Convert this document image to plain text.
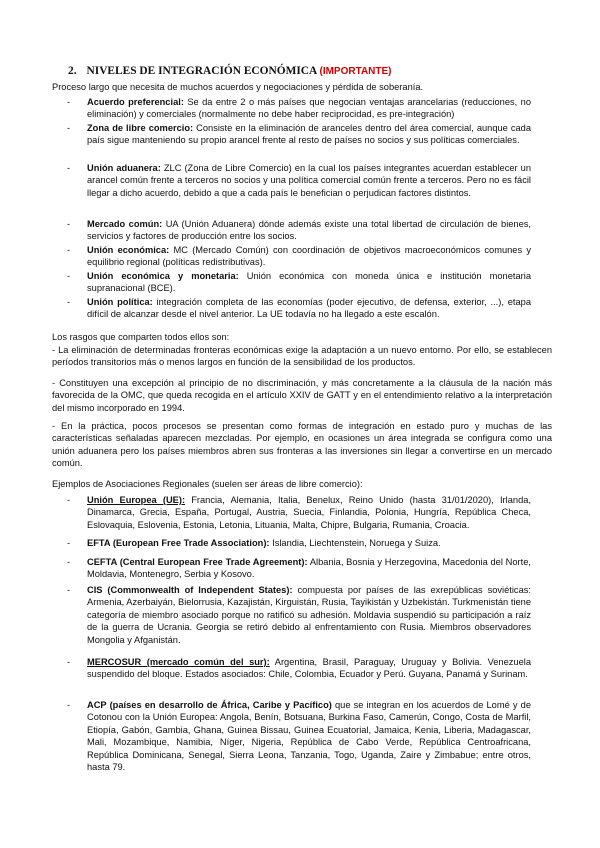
2. NIVELES DE INTEGRACIÓN ECONÓMICA (IMPORTANTE)
Proceso largo que necesita de muchos acuerdos y negociaciones y pérdida de soberanía.
- Acuerdo preferencial: Se da entre 2 o más países que negocian ventajas arancelarias (reducciones, no eliminación) y comerciales (normalmente no debe haber reciprocidad, es pre-integración)
- Zona de libre comercio: Consiste en la eliminación de aranceles dentro del área comercial, aunque cada país sigue manteniendo su propio arancel frente al resto de países no socios y sus políticas comerciales.
- Unión aduanera: ZLC (Zona de Libre Comercio) en la cual los países integrantes acuerdan establecer un arancel común frente a terceros no socios y una política comercial común frente a terceros. Pero no es fácil llegar a dicho acuerdo, debido a que a cada país le benefician o perjudican factores distintos.
- Mercado común: UA (Unión Aduanera) dónde además existe una total libertad de circulación de bienes, servicios y factores de producción entre los socios.
- Unión económica: MC (Mercado Común) con coordinación de objetivos macroeconómicos comunes y equilibrio regional (políticas redistributivas).
- Unión económica y monetaria: Unión económica con moneda única e institución monetaria supranacional (BCE).
- Unión política: integración completa de las economías (poder ejecutivo, de defensa, exterior, ...), etapa difícil de alcanzar desde el nivel anterior. La UE todavía no ha llegado a este escalón.
Los rasgos que comparten todos ellos son:
- La eliminación de determinadas fronteras económicas exige la adaptación a un nuevo entorno. Por ello, se establecen períodos transitorios más o menos largos en función de la sensibilidad de los productos.
- Constituyen una excepción al principio de no discriminación, y más concretamente a la cláusula de la nación más favorecida de la OMC, que queda recogida en el artículo XXIV de GATT y en el entendimiento relativo a la interpretación del mismo incorporado en 1994.
- En la práctica, pocos procesos se presentan como formas de integración en estado puro y muchas de las características señaladas aparecen mezcladas. Por ejemplo, en ocasiones un área integrada se configura como una unión aduanera pero los países miembros abren sus fronteras a las inversiones sin llegar a convertirse en un mercado común.
Ejemplos de Asociaciones Regionales (suelen ser áreas de libre comercio):
- Unión Europea (UE): Francia, Alemania, Italia, Benelux, Reino Unido (hasta 31/01/2020), Irlanda, Dinamarca, Grecia, España, Portugal, Austria, Suecia, Finlandia, Polonia, Hungría, República Checa, Eslovaquia, Eslovenia, Estonia, Letonia, Lituania, Malta, Chipre, Bulgaria, Rumania, Croacia.
- EFTA (European Free Trade Association): Islandia, Liechtenstein, Noruega y Suiza.
- CEFTA (Central European Free Trade Agreement): Albania, Bosnia y Herzegovina, Macedonia del Norte, Moldavia, Montenegro, Serbia y Kosovo.
- CIS (Commonwealth of Independent States): compuesta por países de las exrepúblicas soviéticas: Armenia, Azerbaiyán, Bielorrusia, Kazajistán, Kirguistán, Rusia, Tayikistán y Uzbekistán. Turkmenistán tiene categoría de miembro asociado porque no ratificó su adhesión. Moldavia suspendió su participación a raíz de la guerra de Ucrania. Georgia se retiró debido al enfrentamiento con Rusia. Miembros observadores Mongolia y Afganistán.
- MERCOSUR (mercado común del sur): Argentina, Brasil, Paraguay, Uruguay y Bolivia. Venezuela suspendido del bloque. Estados asociados: Chile, Colombia, Ecuador y Perú. Guyana, Panamá y Surinam.
- ACP (países en desarrollo de África, Caribe y Pacífico) que se integran en los acuerdos de Lomé y de Cotonou con la Unión Europea: Angola, Benín, Botsuana, Burkina Faso, Camerún, Congo, Costa de Marfil, Etiopía, Gabón, Gambia, Ghana, Guinea Bissau, Guinea Ecuatorial, Jamaica, Kenia, Liberia, Madagascar, Mali, Mozambique, Namibia, Níger, Nigeria, República de Cabo Verde, República Centroafricana, República Dominicana, Senegal, Sierra Leona, Tanzania, Togo, Uganda, Zaire y Zimbabue; entre otros, hasta 79.
